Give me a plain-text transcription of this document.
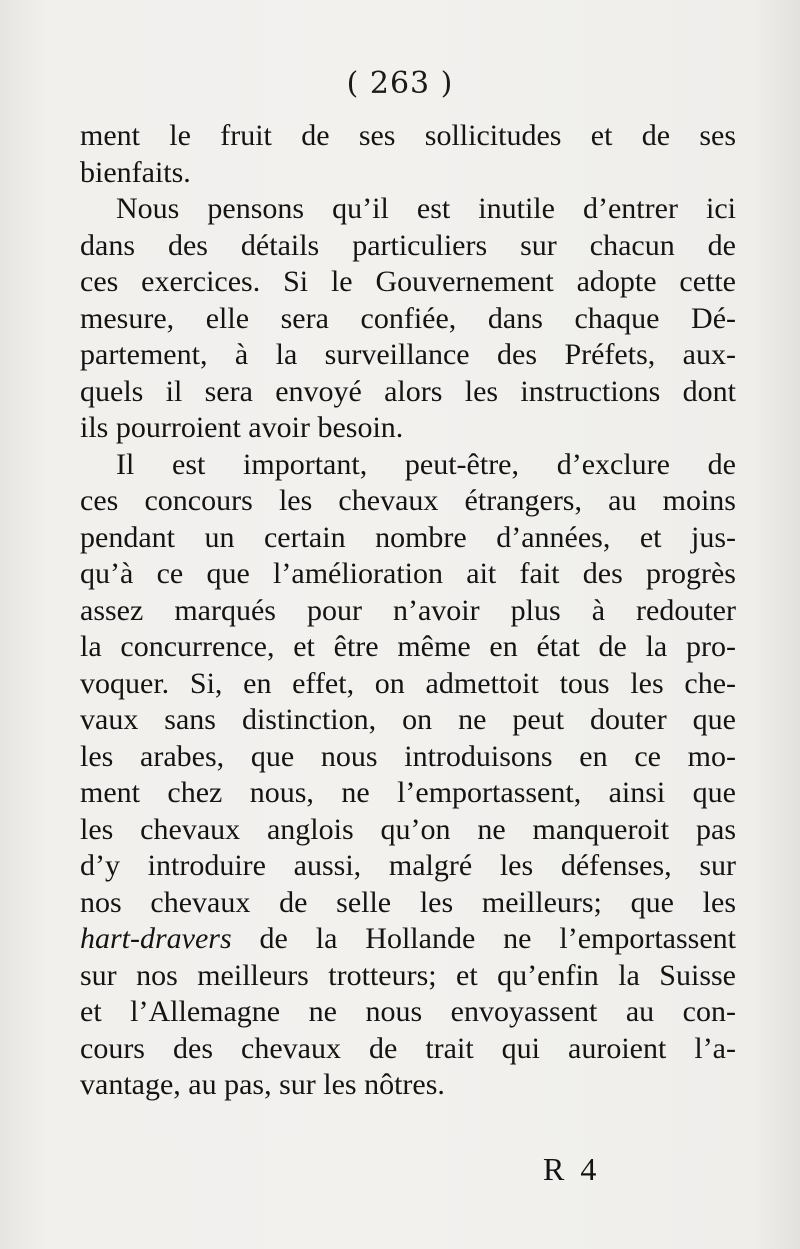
( 263 )
ment le fruit de ses sollicitudes et de ses
bienfaits.
Nous pensons qu’il est inutile d’entrer ici
dans des détails particuliers sur chacun de
ces exercices. Si le Gouvernement adopte cette
mesure, elle sera confiée, dans chaque Dé-
partement, à la surveillance des Préfets, aux-
quels il sera envoyé alors les instructions dont
ils pourroient avoir besoin.
Il est important, peut-être, d’exclure de
ces concours les chevaux étrangers, au moins
pendant un certain nombre d’années, et jus-
qu’à ce que l’amélioration ait fait des progrès
assez marqués pour n’avoir plus à redouter
la concurrence, et être même en état de la pro-
voquer. Si, en effet, on admettoit tous les che-
vaux sans distinction, on ne peut douter que
les arabes, que nous introduisons en ce mo-
ment chez nous, ne l’emportassent, ainsi que
les chevaux anglois qu’on ne manqueroit pas
d’y introduire aussi, malgré les défenses, sur
nos chevaux de selle les meilleurs; que les
hart-dravers de la Hollande ne l’emportassent
sur nos meilleurs trotteurs; et qu’enfin la Suisse
et l’Allemagne ne nous envoyassent au con-
cours des chevaux de trait qui auroient l’a-
vantage, au pas, sur les nôtres.
R 4
